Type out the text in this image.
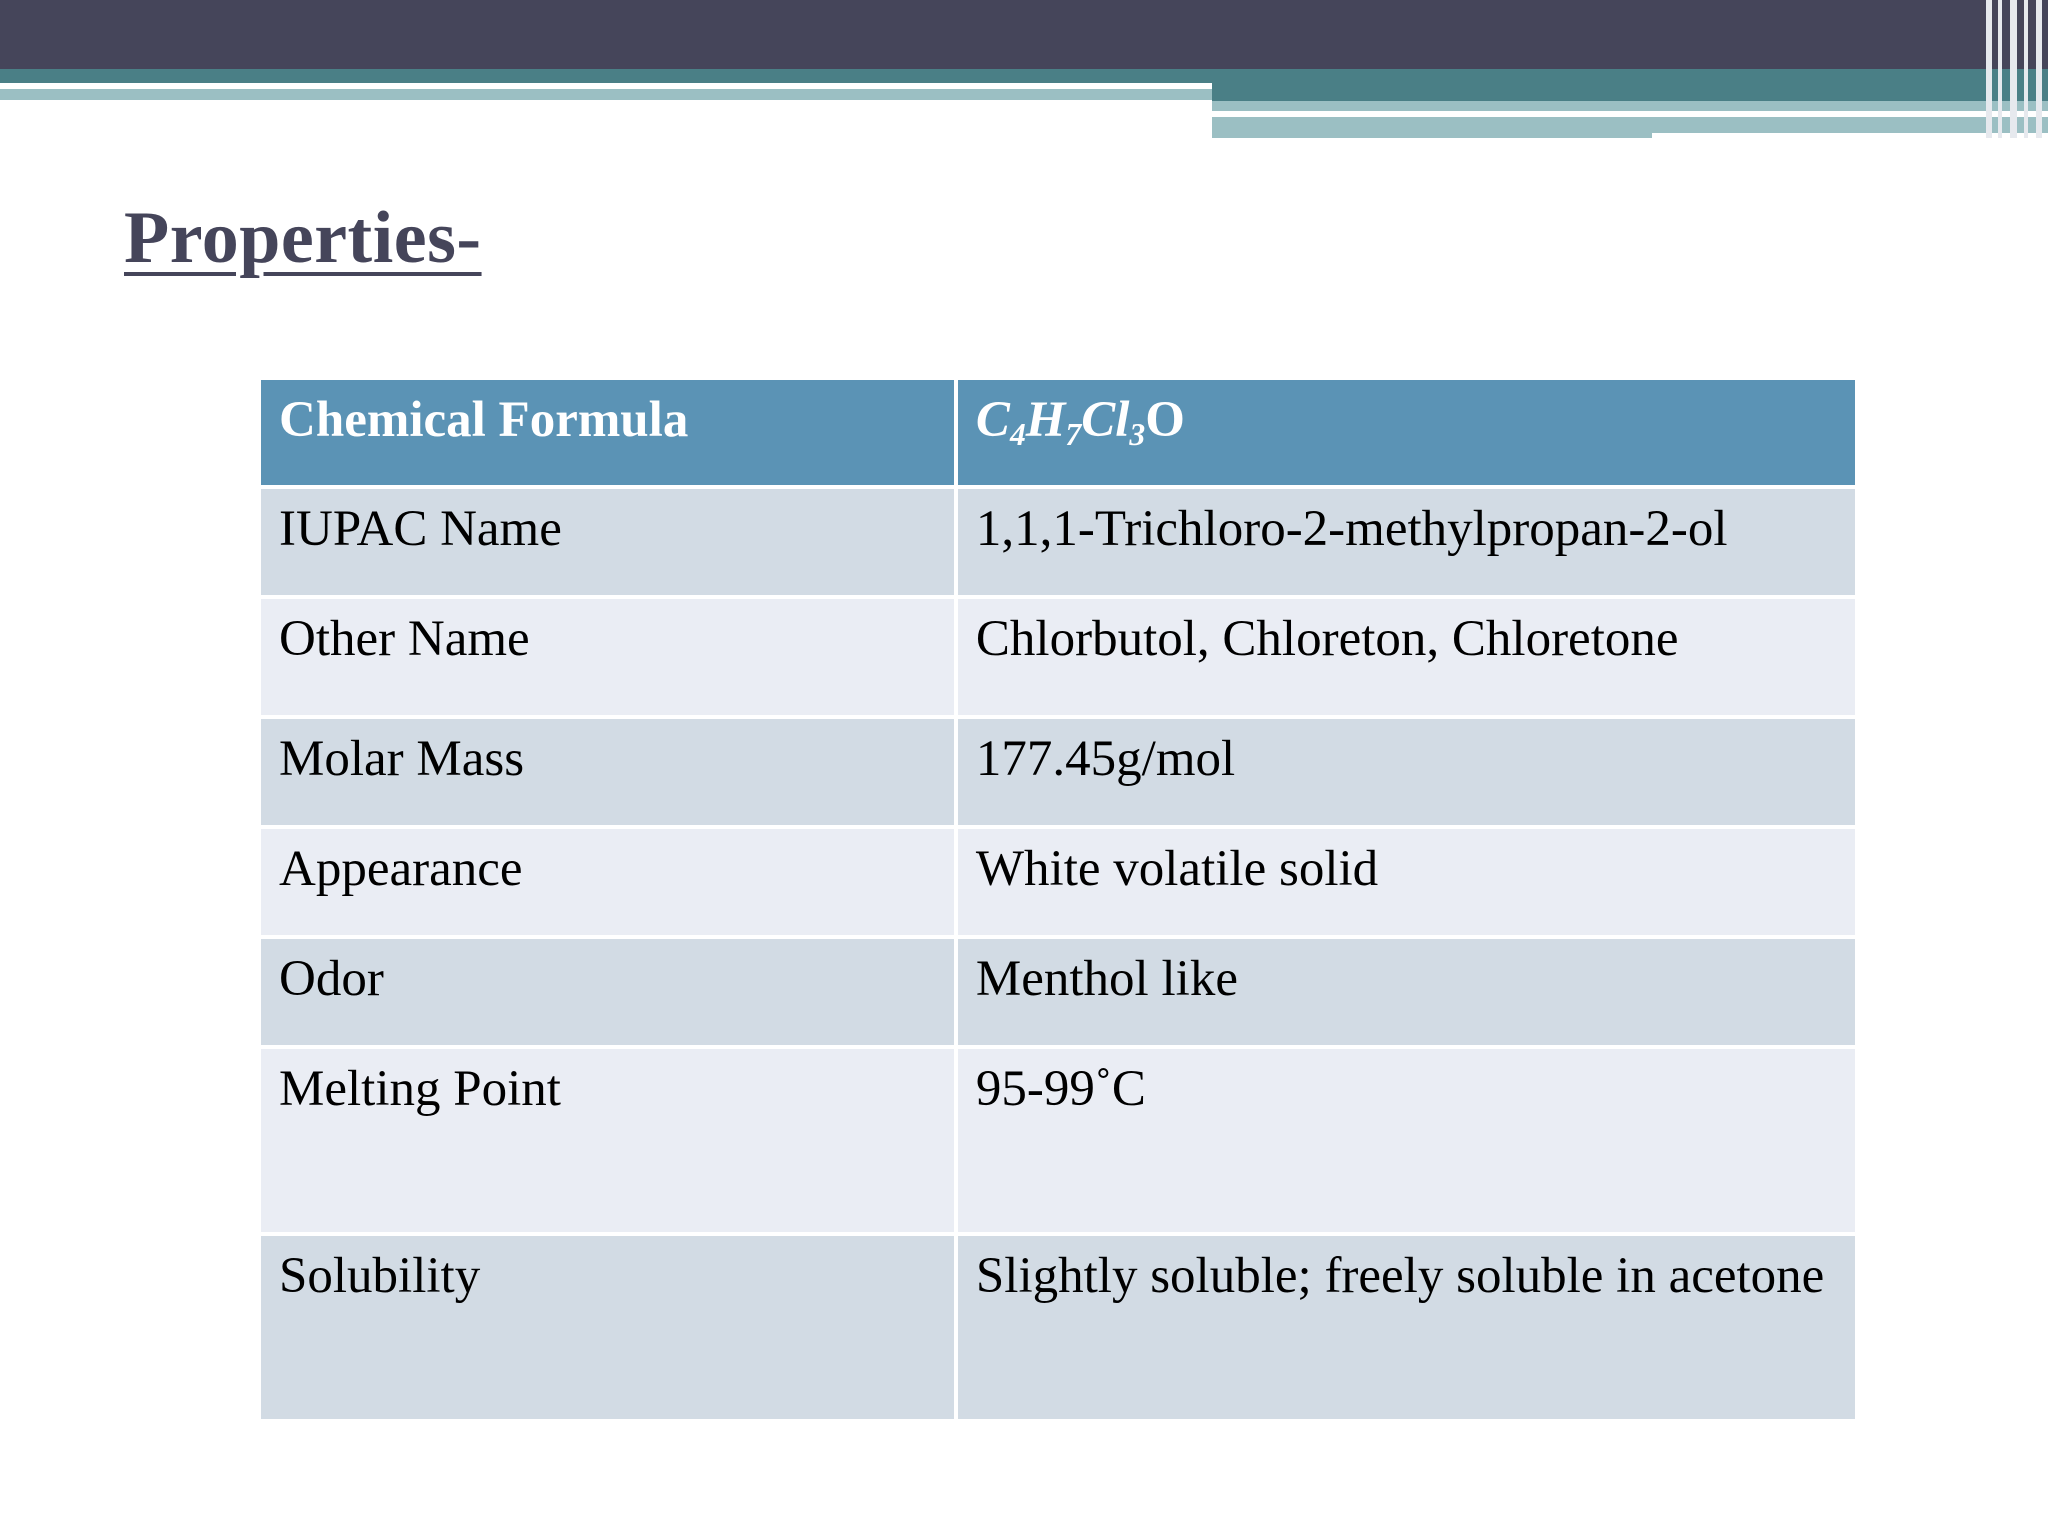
Properties-
Chemical Formula	$C_4H_7Cl_3O$
IUPAC Name	1,1,1-Trichloro-2-methylpropan-2-ol
Other Name	Chlorbutol, Chloreton, Chloretone
Molar Mass	177.45g/mol
Appearance	White volatile solid
Odor	Menthol like
Melting Point	95-99˚C
Solubility	Slightly soluble; freely soluble in acetone
